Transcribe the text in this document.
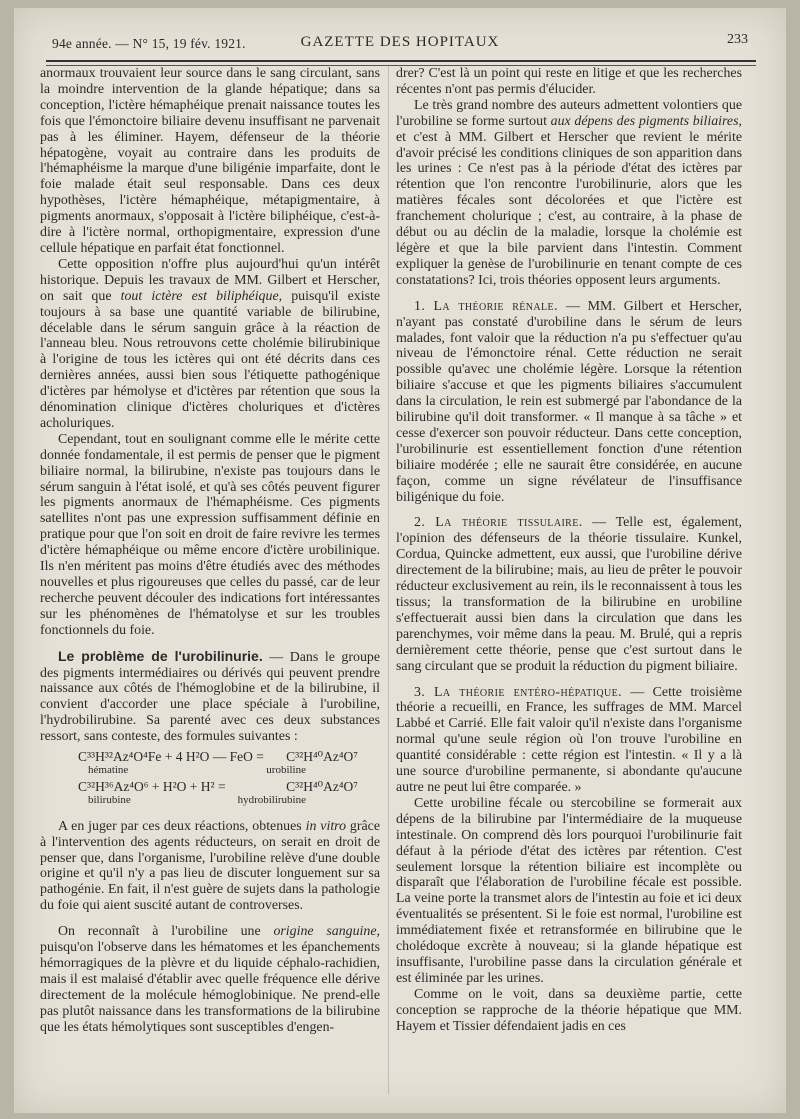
94e année. — N° 15, 19 fév. 1921.	GAZETTE DES HOPITAUX	233

anormaux trouvaient leur source dans le sang circulant, sans la moindre intervention de la glande hépatique; dans sa conception, l'ictère hémaphéique prenait naissance toutes les fois que l'émonctoire biliaire devenu insuffisant ne parvenait pas à les éliminer. Hayem, défenseur de la théorie hépatogène, voyait au contraire dans les produits de l'hémaphéisme la marque d'une biligénie imparfaite, dont le foie malade était seul responsable. Dans ces deux hypothèses, l'ictère hémaphéique, métapigmentaire, à pigments anormaux, s'opposait à l'ictère biliphéique, c'est-à-dire à l'ictère normal, orthopigmentaire, expression d'une cellule hépatique en parfait état fonctionnel.

Cette opposition n'offre plus aujourd'hui qu'un intérêt historique. Depuis les travaux de MM. Gilbert et Herscher, on sait que tout ictère est biliphéique, puisqu'il existe toujours à sa base une quantité variable de bilirubine, décelable dans le sérum sanguin grâce à la réaction de l'anneau bleu. Nous retrouvons cette cholémie bilirubinique à l'origine de tous les ictères qui ont été décrits dans ces dernières années, aussi bien sous l'étiquette pathogénique d'ictères par hémolyse et d'ictères par rétention que sous la dénomination clinique d'ictères choluriques et d'ictères acholuriques.

Cependant, tout en soulignant comme elle le mérite cette donnée fondamentale, il est permis de penser que le pigment biliaire normal, la bilirubine, n'existe pas toujours dans le sérum sanguin à l'état isolé, et qu'à ses côtés peuvent figurer les pigments anormaux de l'hémaphéisme. Ces pigments satellites n'ont pas une expression suffisamment définie en pratique pour que l'on soit en droit de faire revivre les termes d'ictère hémaphéique ou même encore d'ictère urobilinique. Ils n'en méritent pas moins d'être étudiés avec des méthodes nouvelles et plus rigoureuses que celles du passé, car de leur recherche peuvent découler des indications fort intéressantes sur les phénomènes de l'hématolyse et sur les troubles fonctionnels du foie.

Le problème de l'urobilinurie. — Dans le groupe des pigments intermédiaires ou dérivés qui peuvent prendre naissance aux côtés de l'hémoglobine et de la bilirubine, il convient d'accorder une place spéciale à l'urobiline, l'hydrobilirubine. Sa parenté avec ces deux substances ressort, sans conteste, des formules suivantes :

C³³H³²Az⁴O⁴Fe + 4 H²O — FeO = C³²H⁴⁰Az⁴O⁷
hématine	urobiline
C³²H³⁶Az⁴O⁶ + H²O + H² =	C³²H⁴⁰Az⁴O⁷
bilirubine	hydrobilirubine

A en juger par ces deux réactions, obtenues in vitro grâce à l'intervention des agents réducteurs, on serait en droit de penser que, dans l'organisme, l'urobiline relève d'une double origine et qu'il n'y a pas lieu de discuter longuement sur sa pathogénie. En fait, il n'est guère de sujets dans la pathologie du foie qui aient suscité autant de controverses.

On reconnaît à l'urobiline une origine sanguine, puisqu'on l'observe dans les hématomes et les épanchements hémorragiques de la plèvre et du liquide céphalo-rachidien, mais il est malaisé d'établir avec quelle fréquence elle dérive directement de la molécule hémoglobinique. Ne prend-elle pas plutôt naissance dans les transformations de la bilirubine que les états hémolytiques sont susceptibles d'engen-

drer? C'est là un point qui reste en litige et que les recherches récentes n'ont pas permis d'élucider.

Le très grand nombre des auteurs admettent volontiers que l'urobiline se forme surtout aux dépens des pigments biliaires, et c'est à MM. Gilbert et Herscher que revient le mérite d'avoir précisé les conditions cliniques de son apparition dans les urines : Ce n'est pas à la période d'état des ictères par rétention que l'on rencontre l'urobilinurie, alors que les matières fécales sont décolorées et que l'ictère est franchement cholurique ; c'est, au contraire, à la phase de début ou au déclin de la maladie, lorsque la cholémie est légère et que la bile parvient dans l'intestin. Comment expliquer la genèse de l'urobilinurie en tenant compte de ces constatations? Ici, trois théories opposent leurs arguments.

1. La théorie rénale. — MM. Gilbert et Herscher, n'ayant pas constaté d'urobiline dans le sérum de leurs malades, font valoir que la réduction n'a pu s'effectuer qu'au niveau de l'émonctoire rénal. Cette réduction ne serait possible qu'avec une cholémie légère. Lorsque la rétention biliaire s'accuse et que les pigments biliaires s'accumulent dans la circulation, le rein est submergé par l'abondance de la bilirubine qu'il doit transformer. « Il manque à sa tâche » et cesse d'exercer son pouvoir réducteur. Dans cette conception, l'urobilinurie est essentiellement fonction d'une rétention biliaire modérée ; elle ne saurait être considérée, en aucune façon, comme un signe révélateur de l'insuffisance biligénique du foie.

2. La théorie tissulaire. — Telle est, également, l'opinion des défenseurs de la théorie tissulaire. Kunkel, Cordua, Quincke admettent, eux aussi, que l'urobiline dérive directement de la bilirubine; mais, au lieu de prêter le pouvoir réducteur exclusivement au rein, ils le reconnaissent à tous les tissus; la transformation de la bilirubine en urobiline s'effectuerait aussi bien dans la circulation que dans les parenchymes, voir même dans la peau. M. Brulé, qui a repris dernièrement cette théorie, pense que c'est surtout dans le sang circulant que se produit la réduction du pigment biliaire.

3. La théorie entéro-hépatique. — Cette troisième théorie a recueilli, en France, les suffrages de MM. Marcel Labbé et Carrié. Elle fait valoir qu'il n'existe dans l'organisme normal qu'une seule région où l'on trouve l'urobiline en quantité considérable : cette région est l'intestin. « Il y a là une source d'urobiline permanente, si abondante qu'aucune autre ne peut lui être comparée. »

Cette urobiline fécale ou stercobiline se formerait aux dépens de la bilirubine par l'intermédiaire de la muqueuse intestinale. On comprend dès lors pourquoi l'urobilinurie fait défaut à la période d'état des ictères par rétention. C'est seulement lorsque la rétention biliaire est incomplète ou disparaît que l'élaboration de l'urobiline fécale est possible. La veine porte la transmet alors de l'intestin au foie et ici deux éventualités se présentent. Si le foie est normal, l'urobiline est immédiatement fixée et retransformée en bilirubine que le cholédoque excrète à nouveau; si la glande hépatique est insuffisante, l'urobiline passe dans la circulation générale et est éliminée par les urines.

Comme on le voit, dans sa deuxième partie, cette conception se rapproche de la théorie hépatique que MM. Hayem et Tissier défendaient jadis en ces
